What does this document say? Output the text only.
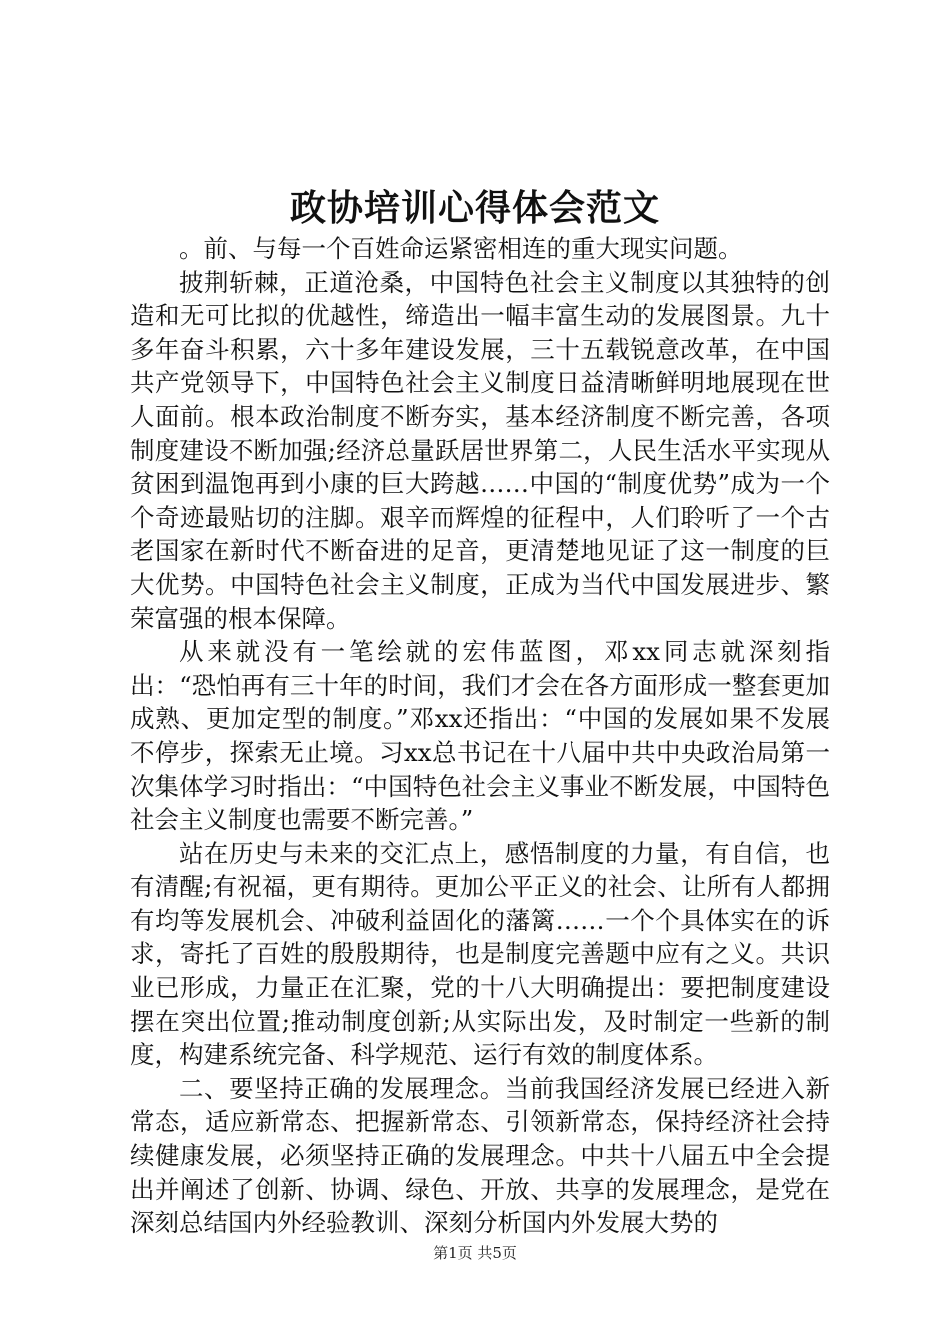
政协培训心得体会范文

。前、与每一个百姓命运紧密相连的重大现实问题。

披荆斩棘，正道沧桑，中国特色社会主义制度以其独特的创造和无可比拟的优越性，缔造出一幅丰富生动的发展图景。九十多年奋斗积累，六十多年建设发展，三十五载锐意改革，在中国共产党领导下，中国特色社会主义制度日益清晰鲜明地展现在世人面前。根本政治制度不断夯实，基本经济制度不断完善，各项制度建设不断加强;经济总量跃居世界第二，人民生活水平实现从贫困到温饱再到小康的巨大跨越……中国的“制度优势”成为一个个奇迹最贴切的注脚。艰辛而辉煌的征程中，人们聆听了一个古老国家在新时代不断奋进的足音，更清楚地见证了这一制度的巨大优势。中国特色社会主义制度，正成为当代中国发展进步、繁荣富强的根本保障。

从来就没有一笔绘就的宏伟蓝图，邓xx同志就深刻指出：“恐怕再有三十年的时间，我们才会在各方面形成一整套更加成熟、更加定型的制度。”邓xx还指出：“中国的发展如果不发展不停步，探索无止境。习xx总书记在十八届中共中央政治局第一次集体学习时指出：“中国特色社会主义事业不断发展，中国特色社会主义制度也需要不断完善。”

站在历史与未来的交汇点上，感悟制度的力量，有自信，也有清醒;有祝福，更有期待。更加公平正义的社会、让所有人都拥有均等发展机会、冲破利益固化的藩篱……一个个具体实在的诉求，寄托了百姓的殷殷期待，也是制度完善题中应有之义。共识业已形成，力量正在汇聚，党的十八大明确提出：要把制度建设摆在突出位置;推动制度创新;从实际出发，及时制定一些新的制度，构建系统完备、科学规范、运行有效的制度体系。

二、要坚持正确的发展理念。当前我国经济发展已经进入新常态，适应新常态、把握新常态、引领新常态，保持经济社会持续健康发展，必须坚持正确的发展理念。中共十八届五中全会提出并阐述了创新、协调、绿色、开放、共享的发展理念，是党在深刻总结国内外经验教训、深刻分析国内外发展大势的

第1页 共5页
